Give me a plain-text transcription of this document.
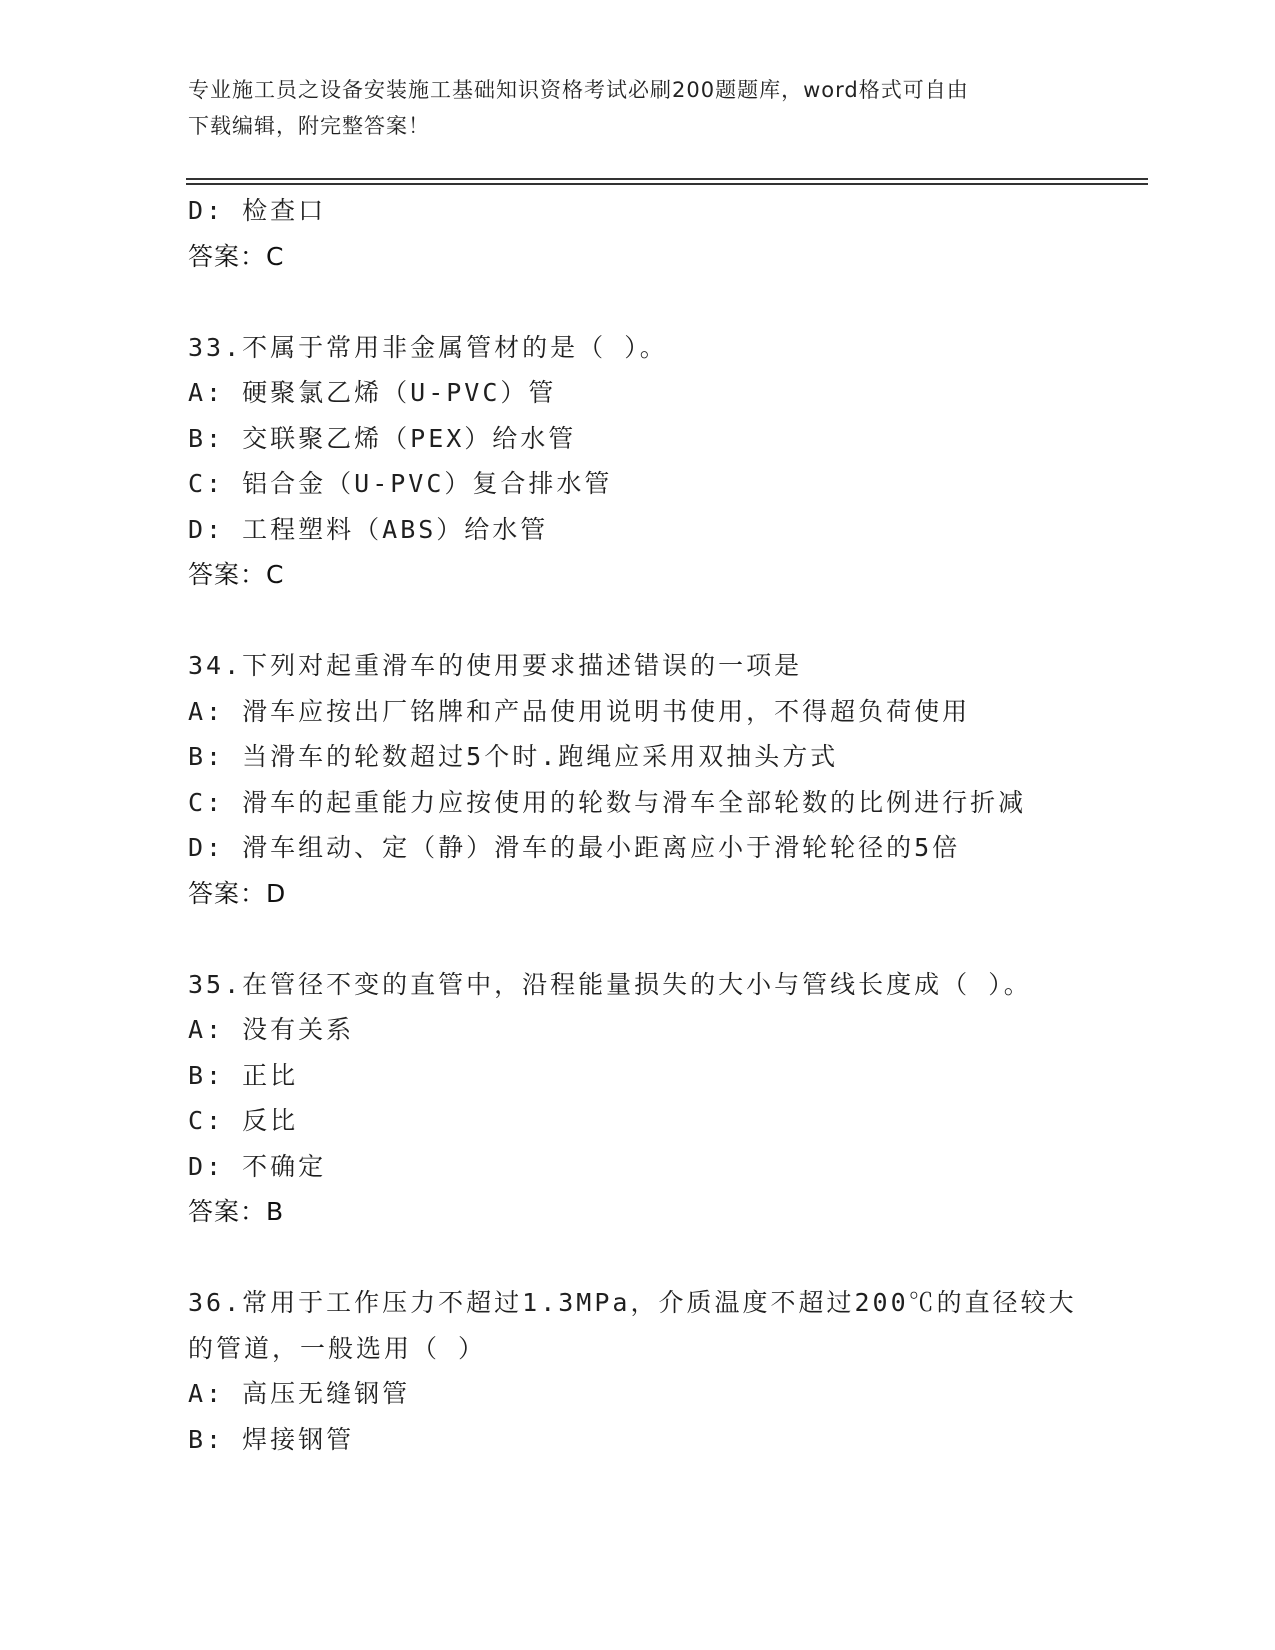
专业施工员之设备安装施工基础知识资格考试必刷200题题库，word格式可自由
下载编辑，附完整答案！
D: 检查口
答案：C
33.不属于常用非金属管材的是（ ）。
A: 硬聚氯乙烯（U-PVC）管
B: 交联聚乙烯（PEX）给水管
C: 铝合金（U-PVC）复合排水管
D: 工程塑料（ABS）给水管
答案：C
34.下列对起重滑车的使用要求描述错误的一项是
A: 滑车应按出厂铭牌和产品使用说明书使用，不得超负荷使用
B: 当滑车的轮数超过5个时.跑绳应采用双抽头方式
C: 滑车的起重能力应按使用的轮数与滑车全部轮数的比例进行折减
D: 滑车组动、定（静）滑车的最小距离应小于滑轮轮径的5倍
答案：D
35.在管径不变的直管中，沿程能量损失的大小与管线长度成（ ）。
A: 没有关系
B: 正比
C: 反比
D: 不确定
答案：B
36.常用于工作压力不超过1.3MPa，介质温度不超过200℃的直径较大
的管道，一般选用（ ）
A: 高压无缝钢管
B: 焊接钢管
